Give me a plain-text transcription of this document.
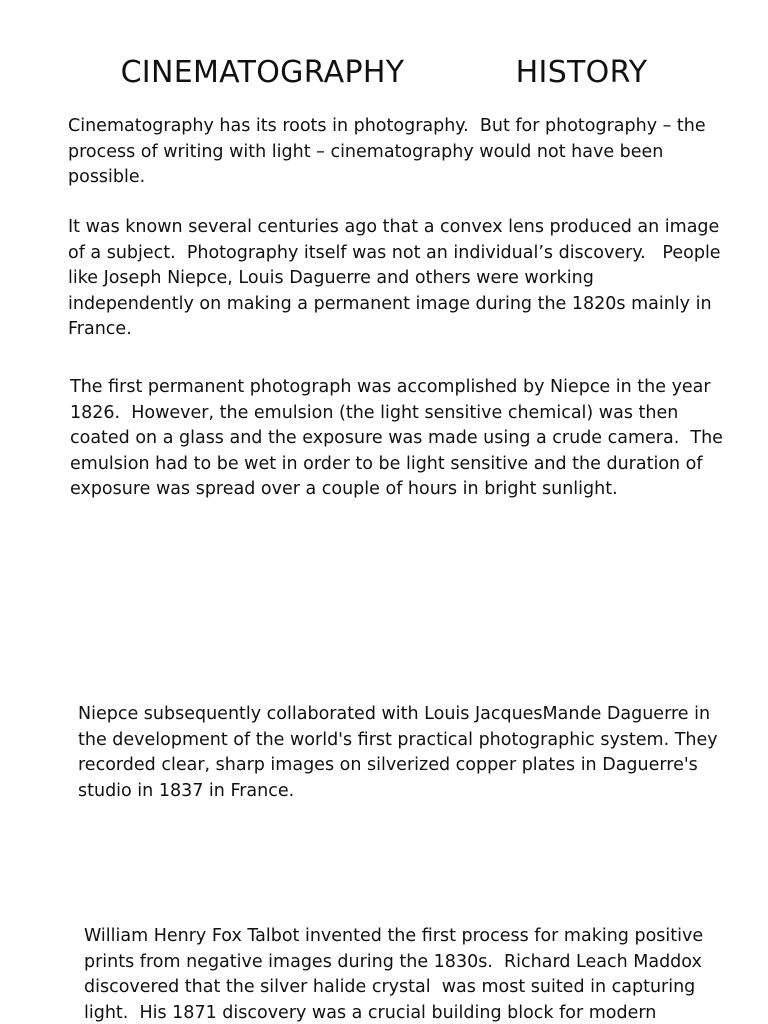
CINEMATOGRAPHY    HISTORY

Cinematography has its roots in photography.  But for photography – the
process of writing with light – cinematography would not have been
possible.

It was known several centuries ago that a convex lens produced an image
of a subject.  Photography itself was not an individual’s discovery.   People
like Joseph Niepce, Louis Daguerre and others were working
independently on making a permanent image during the 1820s mainly in
France.

The first permanent photograph was accomplished by Niepce in the year
1826.  However, the emulsion (the light sensitive chemical) was then
coated on a glass and the exposure was made using a crude camera.  The
emulsion had to be wet in order to be light sensitive and the duration of
exposure was spread over a couple of hours in bright sunlight.

Niepce subsequently collaborated with Louis JacquesMande Daguerre in
the development of the world's first practical photographic system. They
recorded clear, sharp images on silverized copper plates in Daguerre's
studio in 1837 in France.

William Henry Fox Talbot invented the first process for making positive
prints from negative images during the 1830s.  Richard Leach Maddox
discovered that the silver halide crystal  was most suited in capturing
light.  His 1871 discovery was a crucial building block for modern
